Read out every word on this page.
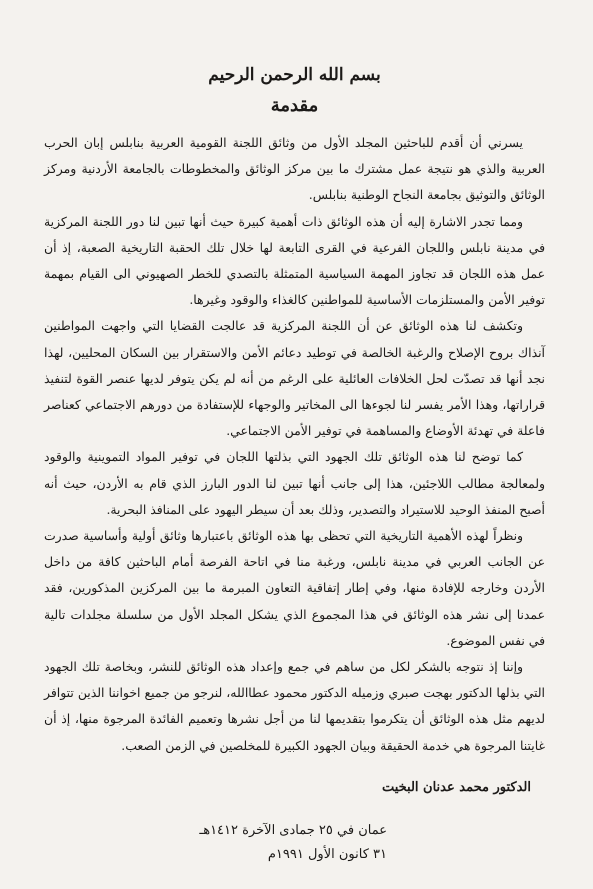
بسم الله الرحمن الرحيم
مقدمة

يسرني أن أقدم للباحثين المجلد الأول من وثائق اللجنة القومية العربية بنابلس إبان الحرب العربية والذي هو نتيجة عمل مشترك ما بين مركز الوثائق والمخطوطات بالجامعة الأردنية ومركز الوثائق والتوثيق بجامعة النجاح الوطنية بنابلس.

ومما تجدر الاشارة إليه أن هذه الوثائق ذات أهمية كبيرة حيث أنها تبين لنا دور اللجنة المركزية في مدينة نابلس واللجان الفرعية في القرى التابعة لها خلال تلك الحقبة التاريخية الصعبة، إذ أن عمل هذه اللجان قد تجاوز المهمة السياسية المتمثلة بالتصدي للخطر الصهيوني الى القيام بمهمة توفير الأمن والمستلزمات الأساسية للمواطنين كالغذاء والوقود وغيرها.

وتكشف لنا هذه الوثائق عن أن اللجنة المركزية قد عالجت القضايا التي واجهت المواطنين آنذاك بروح الإصلاح والرغبة الخالصة في توطيد دعائم الأمن والاستقرار بين السكان المحليين، لهذا نجد أنها قد تصدّت لحل الخلافات العائلية على الرغم من أنه لم يكن يتوفر لديها عنصر القوة لتنفيذ قراراتها، وهذا الأمر يفسر لنا لجوءها الى المخاتير والوجهاء للإستفادة من دورهم الاجتماعي كعناصر فاعلة في تهدئة الأوضاع والمساهمة في توفير الأمن الاجتماعي.

كما توضح لنا هذه الوثائق تلك الجهود التي بذلتها اللجان في توفير المواد التموينية والوقود ولمعالجة مطالب اللاجئين، هذا إلى جانب أنها تبين لنا الدور البارز الذي قام به الأردن، حيث أنه أصبح المنفذ الوحيد للاستيراد والتصدير، وذلك بعد أن سيطر اليهود على المنافذ البحرية.

ونظراً لهذه الأهمية التاريخية التي تحظى بها هذه الوثائق باعتبارها وثائق أولية وأساسية صدرت عن الجانب العربي في مدينة نابلس، ورغبة منا في اتاحة الفرصة أمام الباحثين كافة من داخل الأردن وخارجه للإفادة منها، وفي إطار إتفاقية التعاون المبرمة ما بين المركزين المذكورين، فقد عمدنا إلى نشر هذه الوثائق في هذا المجموع الذي يشكل المجلد الأول من سلسلة مجلدات تالية في نفس الموضوع.

وإننا إذ نتوجه بالشكر لكل من ساهم في جمع وإعداد هذه الوثائق للنشر، وبخاصة تلك الجهود التي بذلها الدكتور بهجت صبري وزميله الدكتور محمود عطاالله، لنرجو من جميع اخواننا الذين تتوافر لديهم مثل هذه الوثائق أن يتكرموا بتقديمها لنا من أجل نشرها وتعميم الفائدة المرجوة منها، إذ أن غايتنا المرجوة هي خدمة الحقيقة وبيان الجهود الكبيرة للمخلصين في الزمن الصعب.

الدكتور محمد عدنان البخيت
عمان في ٢٥ جمادى الآخرة ١٤١٢هـ
٣١ كانون الأول ١٩٩١م
